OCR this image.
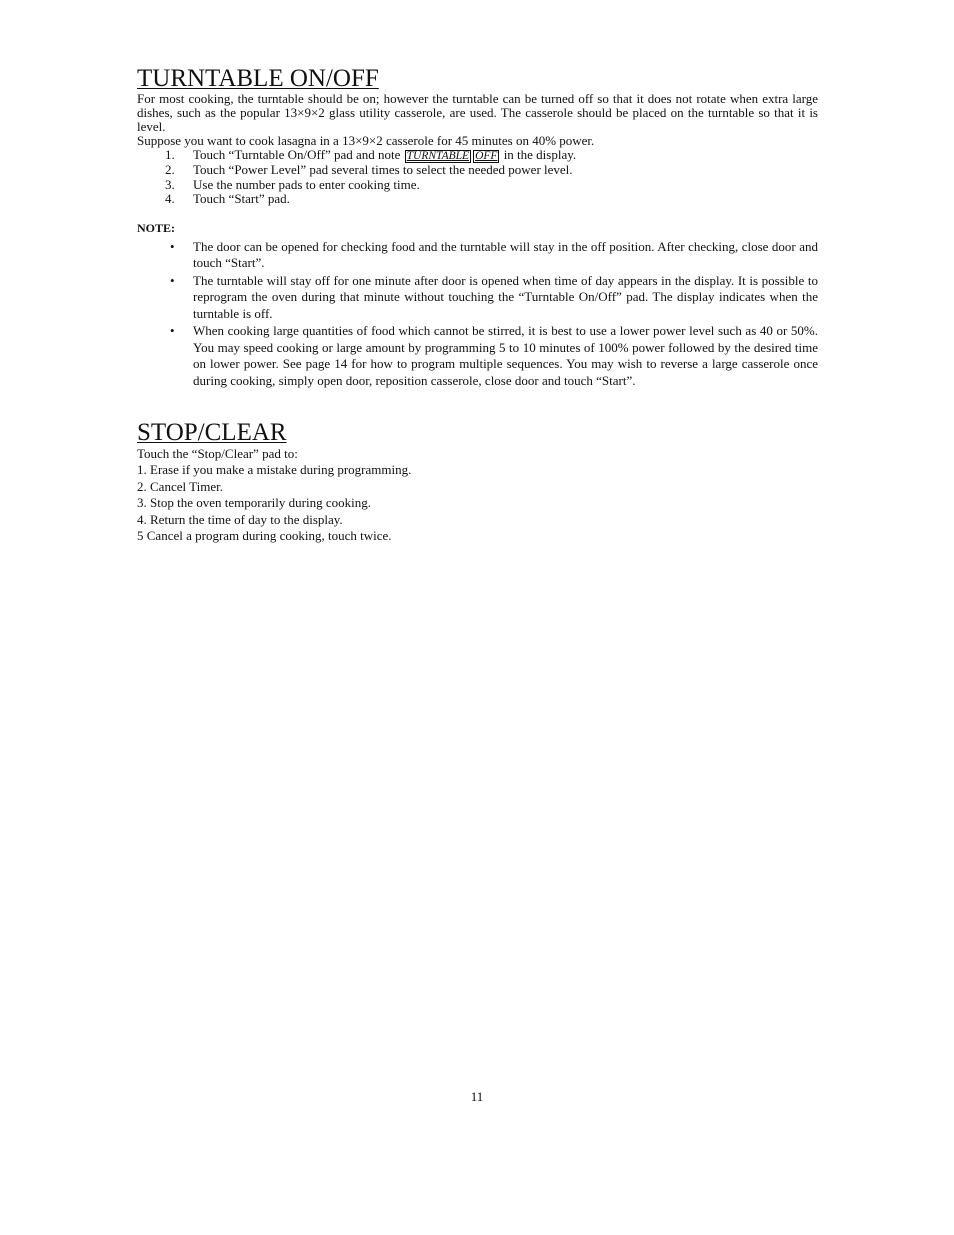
TURNTABLE ON/OFF

For most cooking, the turntable should be on; however the turntable can be turned off so that it does not rotate when extra large dishes, such as the popular 13×9×2 glass utility casserole, are used. The casserole should be placed on the turntable so that it is level.

Suppose you want to cook lasagna in a 13×9×2 casserole for 45 minutes on 40% power.

1. Touch “Turntable On/Off” pad and note TURNTABLE OFF in the display.
2. Touch “Power Level” pad several times to select the needed power level.
3. Use the number pads to enter cooking time.
4. Touch “Start” pad.
NOTE:
• The door can be opened for checking food and the turntable will stay in the off position. After checking, close door and touch “Start”.
• The turntable will stay off for one minute after door is opened when time of day appears in the display. It is possible to reprogram the oven during that minute without touching the “Turntable On/Off” pad. The display indicates when the turntable is off.
• When cooking large quantities of food which cannot be stirred, it is best to use a lower power level such as 40 or 50%. You may speed cooking or large amount by programming 5 to 10 minutes of 100% power followed by the desired time on lower power. See page 14 for how to program multiple sequences. You may wish to reverse a large casserole once during cooking, simply open door, reposition casserole, close door and touch “Start”.
STOP/CLEAR

Touch the “Stop/Clear” pad to:

1. Erase if you make a mistake during programming.
2. Cancel Timer.
3. Stop the oven temporarily during cooking.
4. Return the time of day to the display.
5 Cancel a program during cooking, touch twice.
11
